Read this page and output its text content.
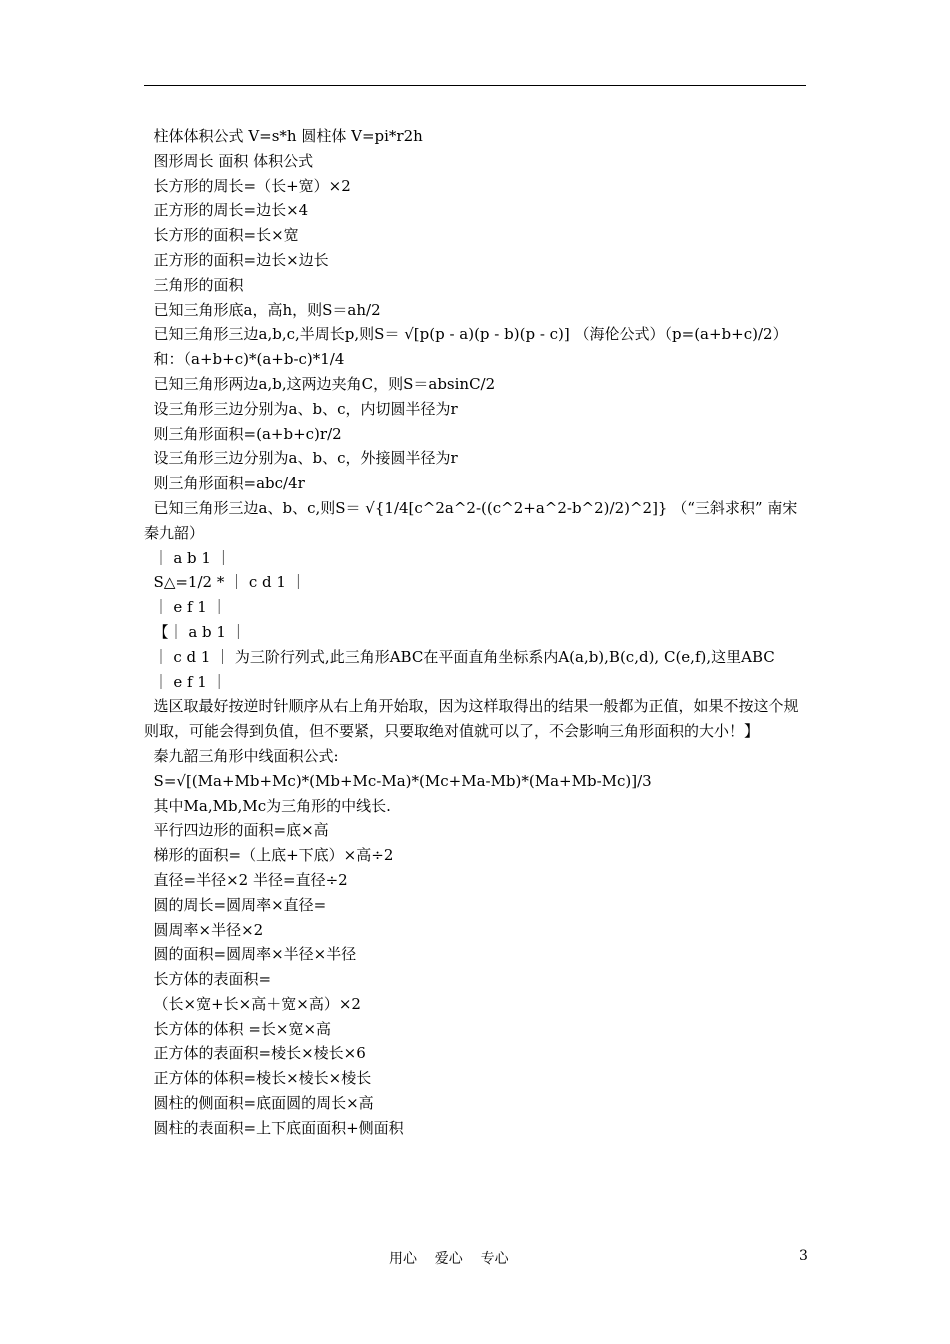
柱体体积公式 V=s*h 圆柱体 V=pi*r2h

图形周长 面积 体积公式

长方形的周长=（长+宽）×2

正方形的周长=边长×4

长方形的面积=长×宽

正方形的面积=边长×边长

三角形的面积

已知三角形底a，高h，则S＝ah/2

已知三角形三边a,b,c,半周长p,则S＝ √[p(p - a)(p - b)(p - c)] （海伦公式）（p=(a+b+c)/2）

和：（a+b+c)*(a+b-c)*1/4

已知三角形两边a,b,这两边夹角C，则S＝absinC/2

设三角形三边分别为a、b、c，内切圆半径为r

则三角形面积=(a+b+c)r/2

设三角形三边分别为a、b、c，外接圆半径为r

则三角形面积=abc/4r

已知三角形三边a、b、c,则S＝ √{1/4[c^2a^2-((c^2+a^2-b^2)/2)^2]} （“三斜求积” 南宋秦九韶）

｜ a b 1 ｜

S△=1/2 * ｜ c d 1 ｜

｜ e f 1 ｜

【｜ a b 1 ｜

｜ c d 1 ｜ 为三阶行列式,此三角形ABC在平面直角坐标系内A(a,b),B(c,d), C(e,f),这里ABC

｜ e f 1 ｜

选区取最好按逆时针顺序从右上角开始取，因为这样取得出的结果一般都为正值，如果不按这个规则取，可能会得到负值，但不要紧，只要取绝对值就可以了，不会影响三角形面积的大小！】

秦九韶三角形中线面积公式:

S=√[(Ma+Mb+Mc)*(Mb+Mc-Ma)*(Mc+Ma-Mb)*(Ma+Mb-Mc)]/3

其中Ma,Mb,Mc为三角形的中线长.

平行四边形的面积=底×高

梯形的面积=（上底+下底）×高÷2

直径=半径×2 半径=直径÷2

圆的周长=圆周率×直径=

圆周率×半径×2

圆的面积=圆周率×半径×半径

长方体的表面积=

（长×宽+长×高＋宽×高）×2

长方体的体积 =长×宽×高

正方体的表面积=棱长×棱长×6

正方体的体积=棱长×棱长×棱长

圆柱的侧面积=底面圆的周长×高

圆柱的表面积=上下底面面积+侧面积

用心    爱心    专心	3
